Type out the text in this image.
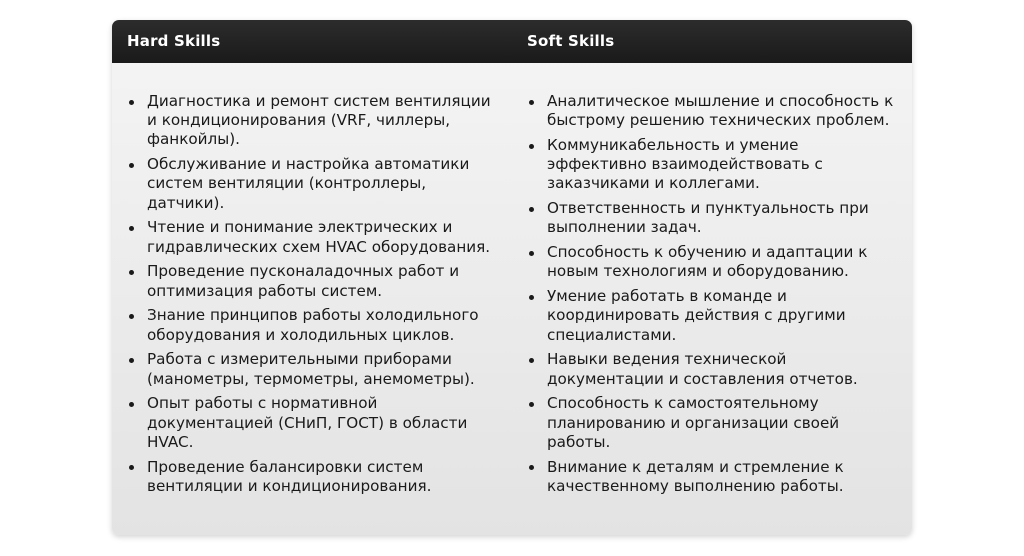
Hard Skills	Soft Skills
Диагностика и ремонт систем вентиляции и кондиционирования (VRF, чиллеры, фанкойлы).
Обслуживание и настройка автоматики систем вентиляции (контроллеры, датчики).
Чтение и понимание электрических и гидравлических схем HVAC оборудования.
Проведение пусконаладочных работ и оптимизация работы систем.
Знание принципов работы холодильного оборудования и холодильных циклов.
Работа с измерительными приборами (манометры, термометры, анемометры).
Опыт работы с нормативной документацией (СНиП, ГОСТ) в области HVAC.
Проведение балансировки систем вентиляции и кондиционирования.
Аналитическое мышление и способность к быстрому решению технических проблем.
Коммуникабельность и умение эффективно взаимодействовать с заказчиками и коллегами.
Ответственность и пунктуальность при выполнении задач.
Способность к обучению и адаптации к новым технологиям и оборудованию.
Умение работать в команде и координировать действия с другими специалистами.
Навыки ведения технической документации и составления отчетов.
Способность к самостоятельному планированию и организации своей работы.
Внимание к деталям и стремление к качественному выполнению работы.
